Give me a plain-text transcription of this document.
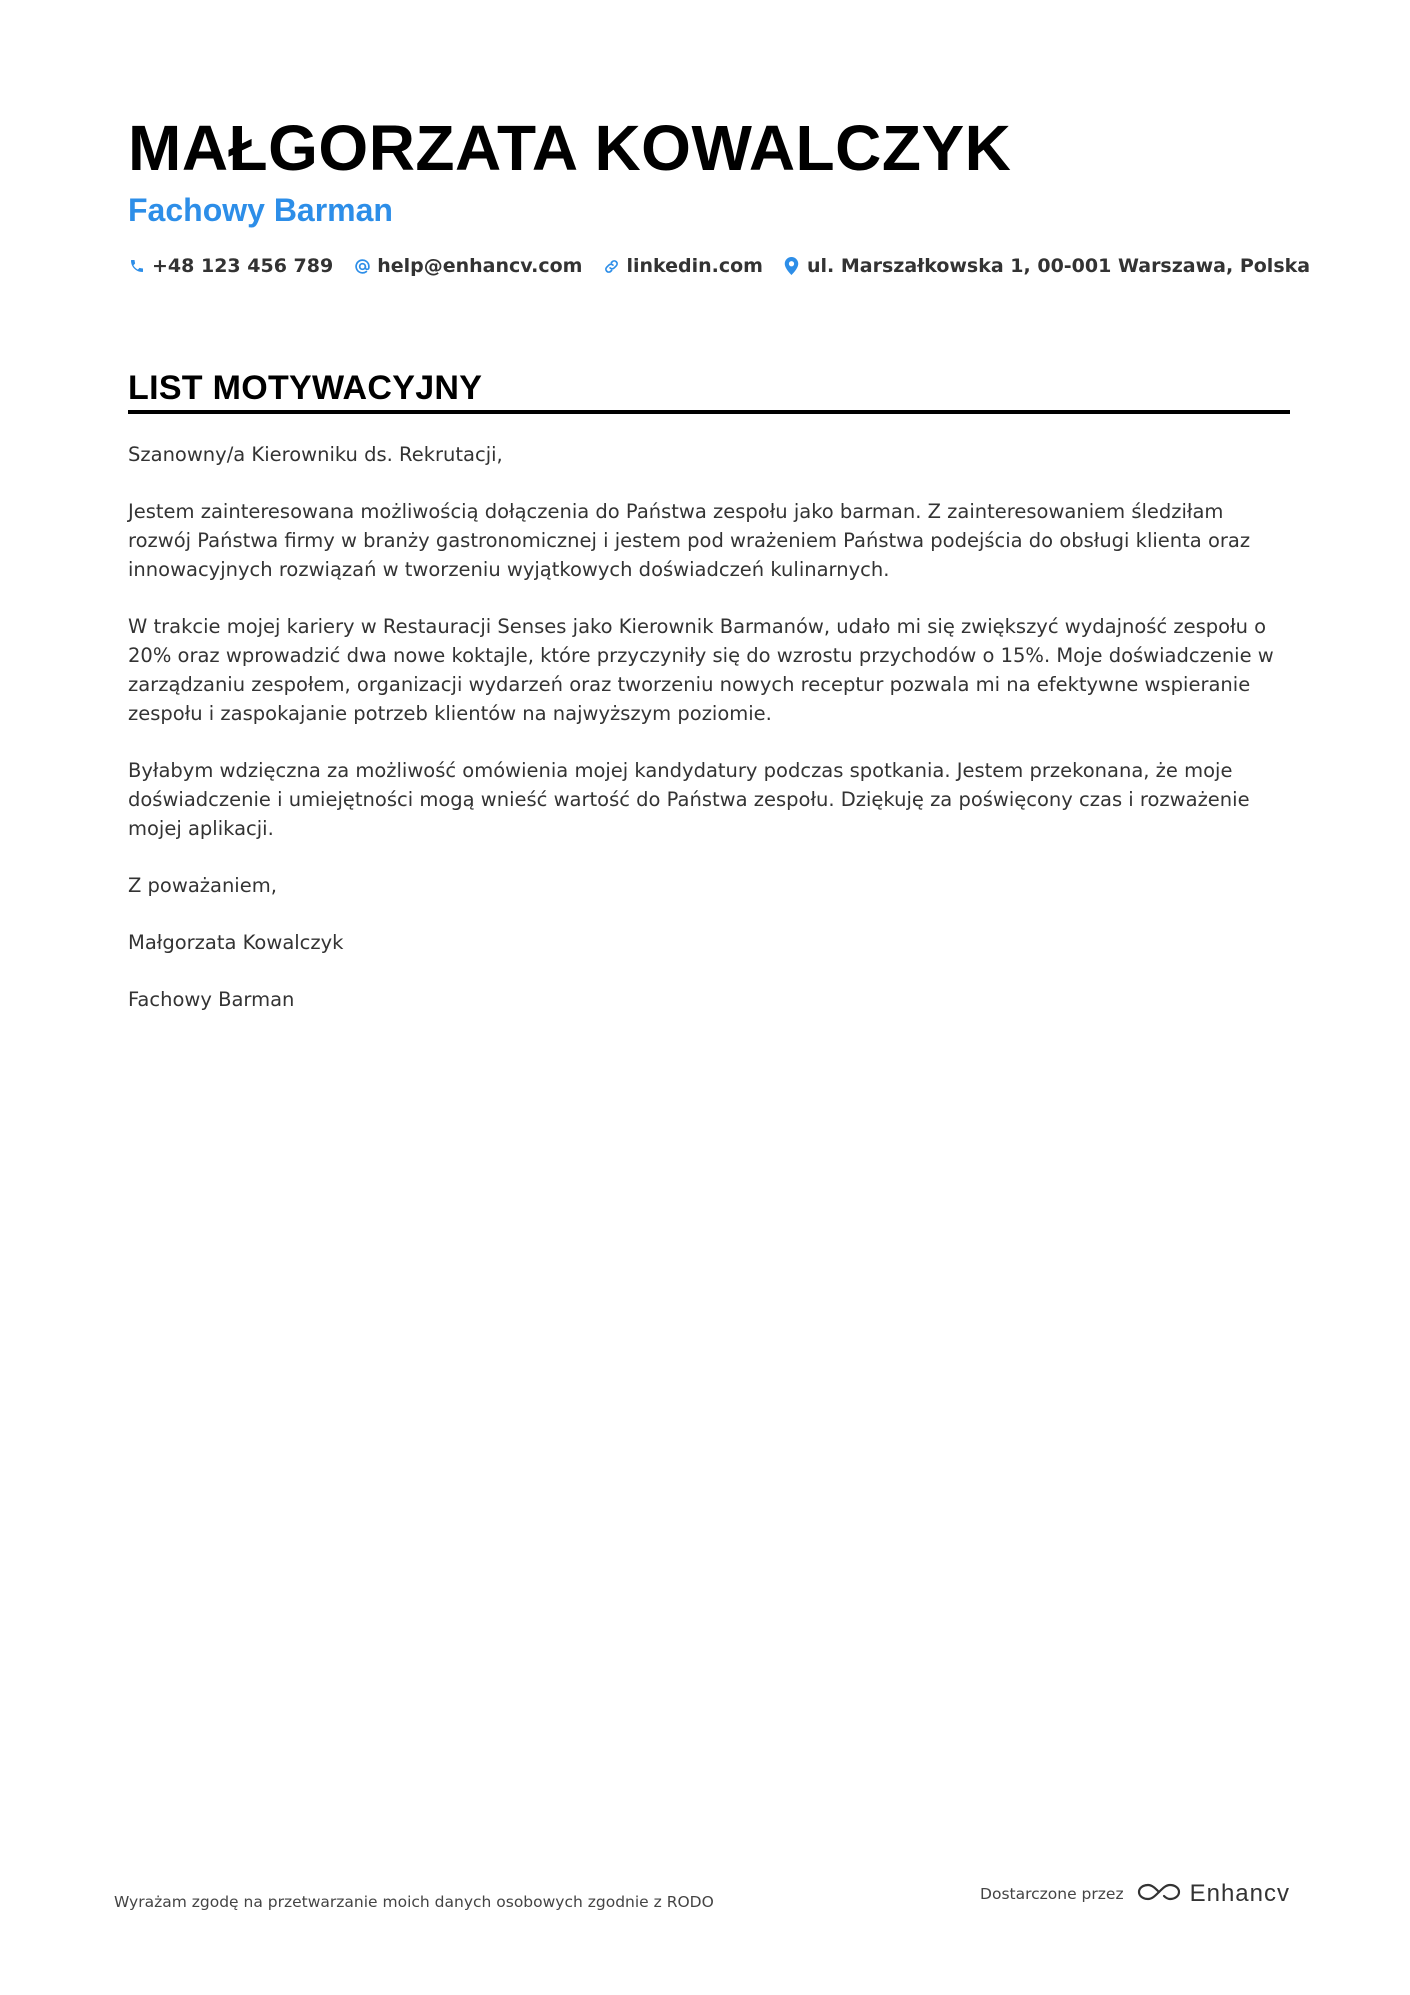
MAŁGORZATA KOWALCZYK
Fachowy Barman
+48 123 456 789 help@enhancv.com linkedin.com ul. Marszałkowska 1, 00-001 Warszawa, Polska
LIST MOTYWACYJNY

Szanowny/a Kierowniku ds. Rekrutacji,

Jestem zainteresowana możliwością dołączenia do Państwa zespołu jako barman. Z zainteresowaniem śledziłam rozwój Państwa firmy w branży gastronomicznej i jestem pod wrażeniem Państwa podejścia do obsługi klienta oraz innowacyjnych rozwiązań w tworzeniu wyjątkowych doświadczeń kulinarnych.

W trakcie mojej kariery w Restauracji Senses jako Kierownik Barmanów, udało mi się zwiększyć wydajność zespołu o 20% oraz wprowadzić dwa nowe koktajle, które przyczyniły się do wzrostu przychodów o 15%. Moje doświadczenie w zarządzaniu zespołem, organizacji wydarzeń oraz tworzeniu nowych receptur pozwala mi na efektywne wspieranie zespołu i zaspokajanie potrzeb klientów na najwyższym poziomie.

Byłabym wdzięczna za możliwość omówienia mojej kandydatury podczas spotkania. Jestem przekonana, że moje doświadczenie i umiejętności mogą wnieść wartość do Państwa zespołu. Dziękuję za poświęcony czas i rozważenie mojej aplikacji.

Z poważaniem,

Małgorzata Kowalczyk

Fachowy Barman

Wyrażam zgodę na przetwarzanie moich danych osobowych zgodnie z RODO	Dostarczone przez	Enhancv
